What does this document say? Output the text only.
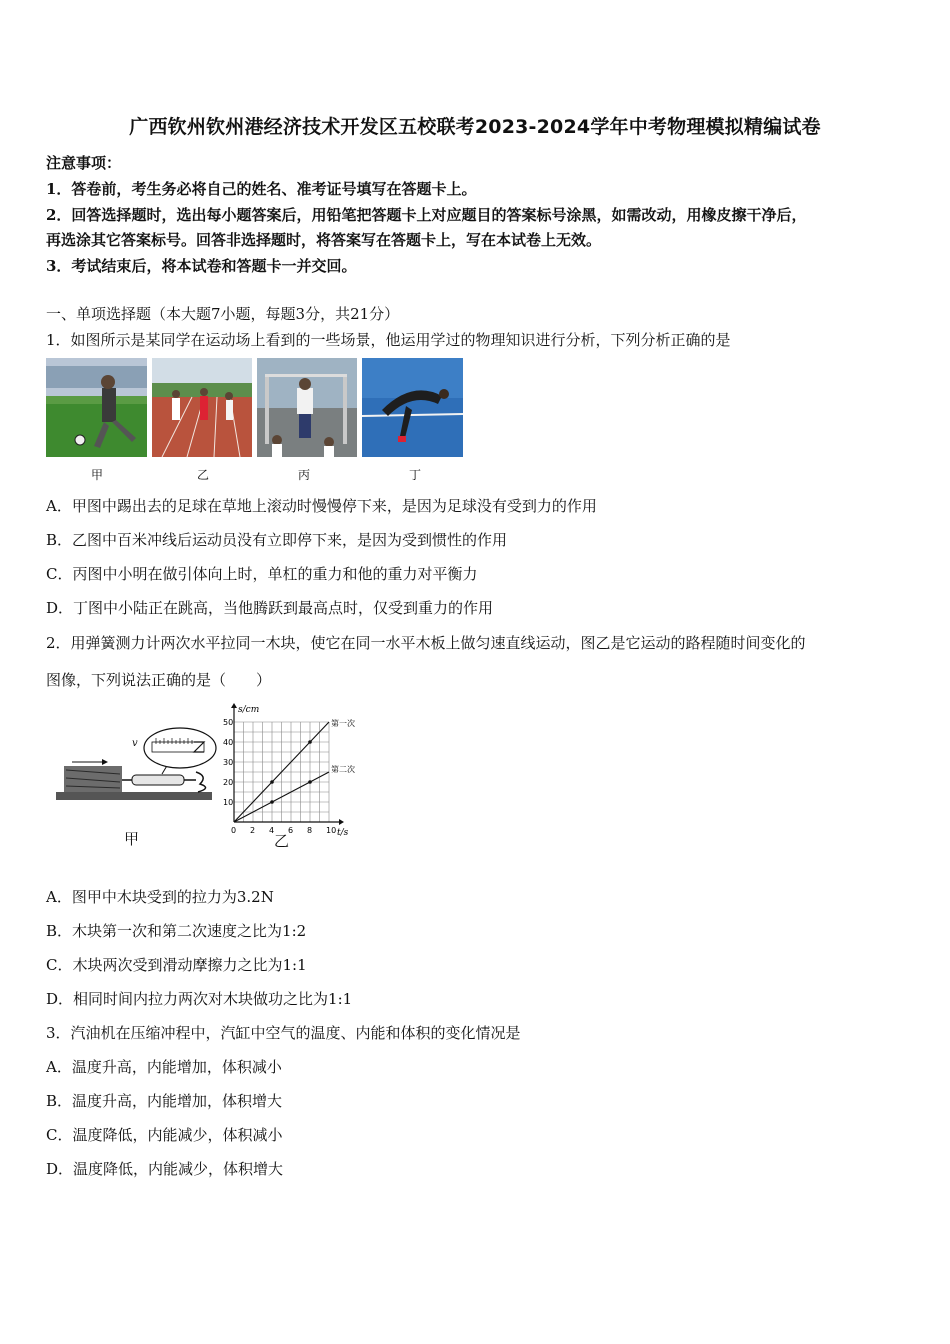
广西钦州钦州港经济技术开发区五校联考2023-2024学年中考物理模拟精编试卷
注意事项：
1．答卷前，考生务必将自己的姓名、准考证号填写在答题卡上。
2．回答选择题时，选出每小题答案后，用铅笔把答题卡上对应题目的答案标号涂黑，如需改动，用橡皮擦干净后，
再选涂其它答案标号。回答非选择题时，将答案写在答题卡上，写在本试卷上无效。
3．考试结束后，将本试卷和答题卡一并交回。
一、单项选择题（本大题7小题，每题3分，共21分）
1．如图所示是某同学在运动场上看到的一些场景，他运用学过的物理知识进行分析，下列分析正确的是
甲	乙	丙	丁
A．甲图中踢出去的足球在草地上滚动时慢慢停下来，是因为足球没有受到力的作用
B．乙图中百米冲线后运动员没有立即停下来，是因为受到惯性的作用
C．丙图中小明在做引体向上时，单杠的重力和他的重力对平衡力
D．丁图中小陆正在跳高，当他腾跃到最高点时，仅受到重力的作用
2．用弹簧测力计两次水平拉同一木块，使它在同一水平木板上做匀速直线运动，图乙是它运动的路程随时间变化的
图像，下列说法正确的是（　　）
v
甲	t/s
s/cm
第一次
第二次
0 2 4 6 8 10
10
20
30
40
50
乙
A．图甲中木块受到的拉力为3.2N
B．木块第一次和第二次速度之比为1:2
C．木块两次受到滑动摩擦力之比为1:1
D．相同时间内拉力两次对木块做功之比为1:1
3．汽油机在压缩冲程中，汽缸中空气的温度、内能和体积的变化情况是
A．温度升高，内能增加，体积减小
B．温度升高，内能增加，体积增大
C．温度降低，内能减少，体积减小
D．温度降低，内能减少，体积增大
